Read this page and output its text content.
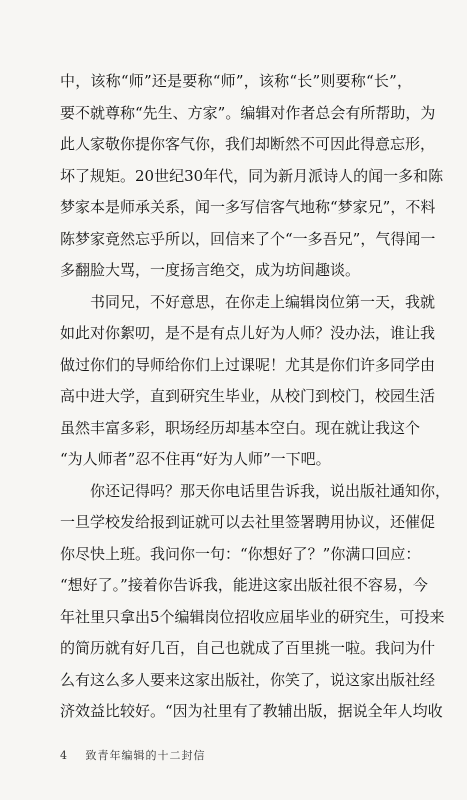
中，该称“师”还是要称“师”，该称“长”则要称“长”，
要不就尊称“先生、方家”。编辑对作者总会有所帮助，为
此人家敬你提你客气你，我们却断然不可因此得意忘形，
坏了规矩。20世纪30年代，同为新月派诗人的闻一多和陈
梦家本是师承关系，闻一多写信客气地称“梦家兄”，不料
陈梦家竟然忘乎所以，回信来了个“一多吾兄”，气得闻一
多翻脸大骂，一度扬言绝交，成为坊间趣谈。
书同兄，不好意思，在你走上编辑岗位第一天，我就
如此对你絮叨，是不是有点儿好为人师？没办法，谁让我
做过你们的导师给你们上过课呢！尤其是你们许多同学由
高中进大学，直到研究生毕业，从校门到校门，校园生活
虽然丰富多彩，职场经历却基本空白。现在就让我这个
“为人师者”忍不住再“好为人师”一下吧。
你还记得吗？那天你电话里告诉我，说出版社通知你，
一旦学校发给报到证就可以去社里签署聘用协议，还催促
你尽快上班。我问你一句：“你想好了？”你满口回应：
“想好了。”接着你告诉我，能进这家出版社很不容易，今
年社里只拿出5个编辑岗位招收应届毕业的研究生，可投来
的简历就有好几百，自己也就成了百里挑一啦。我问为什
么有这么多人要来这家出版社，你笑了，说这家出版社经
济效益比较好。“因为社里有了教辅出版，据说全年人均收
4 致青年编辑的十二封信
